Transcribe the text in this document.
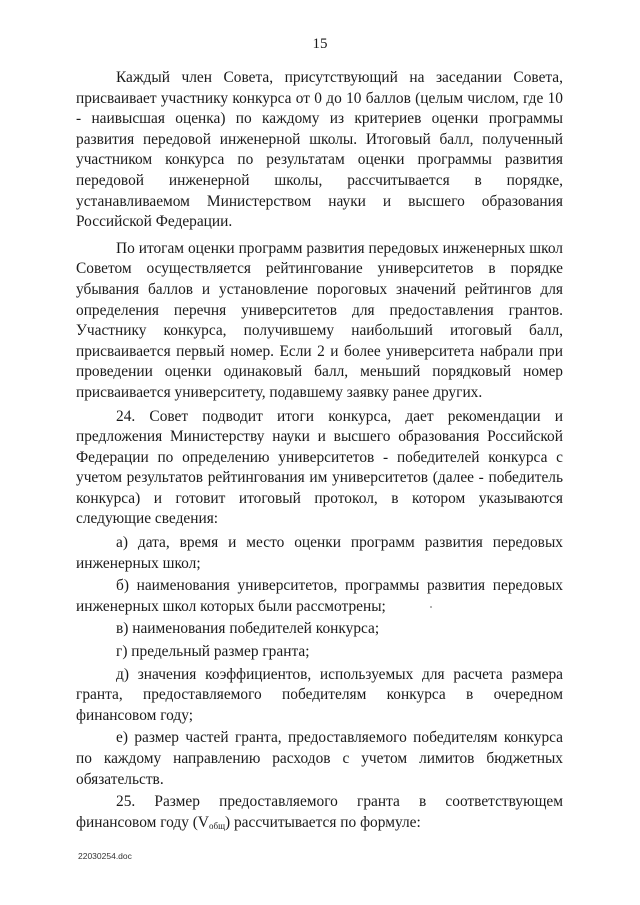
15

Каждый член Совета, присутствующий на заседании Совета, присваивает участнику конкурса от 0 до 10 баллов (целым числом, где 10 - наивысшая оценка) по каждому из критериев оценки программы развития передовой инженерной школы. Итоговый балл, полученный участником конкурса по результатам оценки программы развития передовой инженерной школы, рассчитывается в порядке, устанавливаемом Министерством науки и высшего образования Российской Федерации.

По итогам оценки программ развития передовых инженерных школ Советом осуществляется рейтингование университетов в порядке убывания баллов и установление пороговых значений рейтингов для определения перечня университетов для предоставления грантов. Участнику конкурса, получившему наибольший итоговый балл, присваивается первый номер. Если 2 и более университета набрали при проведении оценки одинаковый балл, меньший порядковый номер присваивается университету, подавшему заявку ранее других.

24. Совет подводит итоги конкурса, дает рекомендации и предложения Министерству науки и высшего образования Российской Федерации по определению университетов - победителей конкурса с учетом результатов рейтингования им университетов (далее - победитель конкурса) и готовит итоговый протокол, в котором указываются следующие сведения:

а) дата, время и место оценки программ развития передовых инженерных школ;

б) наименования университетов, программы развития передовых инженерных школ которых были рассмотрены;

в) наименования победителей конкурса;

г) предельный размер гранта;

д) значения коэффициентов, используемых для расчета размера гранта, предоставляемого победителям конкурса в очередном финансовом году;

е) размер частей гранта, предоставляемого победителям конкурса по каждому направлению расходов с учетом лимитов бюджетных обязательств.

25. Размер предоставляемого гранта в соответствующем финансовом году $(V_{общ})$ рассчитывается по формуле:

22030254.doc
